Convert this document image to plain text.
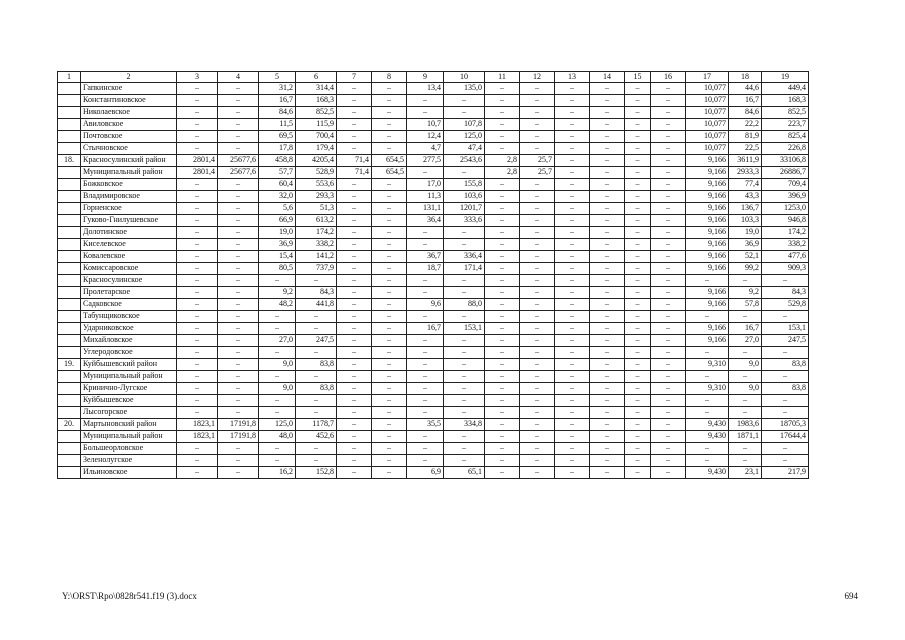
1	2	3	4	5	6	7	8	9	10	11	12	13	14	15	16	17	18	19
	Гапкинское	–	–	31,2	314,4	–	–	13,4	135,0	–	–	–	–	–	–	10,077	44,6	449,4
	Константиновское	–	–	16,7	168,3	–	–	–	–	–	–	–	–	–	–	10,077	16,7	168,3
	Николаевское	–	–	84,6	852,5	–	–	–	–	–	–	–	–	–	–	10,077	84,6	852,5
	Авиловское	–	–	11,5	115,9	–	–	10,7	107,8	–	–	–	–	–	–	10,077	22,2	223,7
	Почтовское	–	–	69,5	700,4	–	–	12,4	125,0	–	–	–	–	–	–	10,077	81,9	825,4
	Стычновское	–	–	17,8	179,4	–	–	4,7	47,4	–	–	–	–	–	–	10,077	22,5	226,8
18.	Красносулинский район	2801,4	25677,6	458,8	4205,4	71,4	654,5	277,5	2543,6	2,8	25,7	–	–	–	–	9,166	3611,9	33106,8
	Муниципальный район	2801,4	25677,6	57,7	528,9	71,4	654,5	–	–	2,8	25,7	–	–	–	–	9,166	2933,3	26886,7
	Божковское	–	–	60,4	553,6	–	–	17,0	155,8	–	–	–	–	–	–	9,166	77,4	709,4
	Владимировское	–	–	32,0	293,3	–	–	11,3	103,6	–	–	–	–	–	–	9,166	43,3	396,9
	Горненское	–	–	5,6	51,3	–	–	131,1	1201,7	–	–	–	–	–	–	9,166	136,7	1253,0
	Гуково-Гнилушевское	–	–	66,9	613,2	–	–	36,4	333,6	–	–	–	–	–	–	9,166	103,3	946,8
	Долотинское	–	–	19,0	174,2	–	–	–	–	–	–	–	–	–	–	9,166	19,0	174,2
	Киселевское	–	–	36,9	338,2	–	–	–	–	–	–	–	–	–	–	9,166	36,9	338,2
	Ковалевское	–	–	15,4	141,2	–	–	36,7	336,4	–	–	–	–	–	–	9,166	52,1	477,6
	Комиссаровское	–	–	80,5	737,9	–	–	18,7	171,4	–	–	–	–	–	–	9,166	99,2	909,3
	Красносулинское	–	–	–	–	–	–	–	–	–	–	–	–	–	–	–	–	–
	Пролетарское	–	–	9,2	84,3	–	–	–	–	–	–	–	–	–	–	9,166	9,2	84,3
	Садковское	–	–	48,2	441,8	–	–	9,6	88,0	–	–	–	–	–	–	9,166	57,8	529,8
	Табунщиковское	–	–	–	–	–	–	–	–	–	–	–	–	–	–	–	–	–
	Ударниковское	–	–	–	–	–	–	16,7	153,1	–	–	–	–	–	–	9,166	16,7	153,1
	Михайловское	–	–	27,0	247,5	–	–	–	–	–	–	–	–	–	–	9,166	27,0	247,5
	Углеродовское	–	–	–	–	–	–	–	–	–	–	–	–	–	–	–	–	–
19.	Куйбышевский район	–	–	9,0	83,8	–	–	–	–	–	–	–	–	–	–	9,310	9,0	83,8
	Муниципальный район	–	–	–	–	–	–	–	–	–	–	–	–	–	–	–	–	–
	Кринично-Лугское	–	–	9,0	83,8	–	–	–	–	–	–	–	–	–	–	9,310	9,0	83,8
	Куйбышевское	–	–	–	–	–	–	–	–	–	–	–	–	–	–	–	–	–
	Лысогорское	–	–	–	–	–	–	–	–	–	–	–	–	–	–	–	–	–
20.	Мартыновский район	1823,1	17191,8	125,0	1178,7	–	–	35,5	334,8	–	–	–	–	–	–	9,430	1983,6	18705,3
	Муниципальный район	1823,1	17191,8	48,0	452,6	–	–	–	–	–	–	–	–	–	–	9,430	1871,1	17644,4
	Большеорловское	–	–	–	–	–	–	–	–	–	–	–	–	–	–	–	–	–
	Зеленолугское	–	–	–	–	–	–	–	–	–	–	–	–	–	–	–	–	–
	Ильиновское	–	–	16,2	152,8	–	–	6,9	65,1	–	–	–	–	–	–	9,430	23,1	217,9
Y:\ORST\Rpo\0828r541.f19 (3).docx	694
